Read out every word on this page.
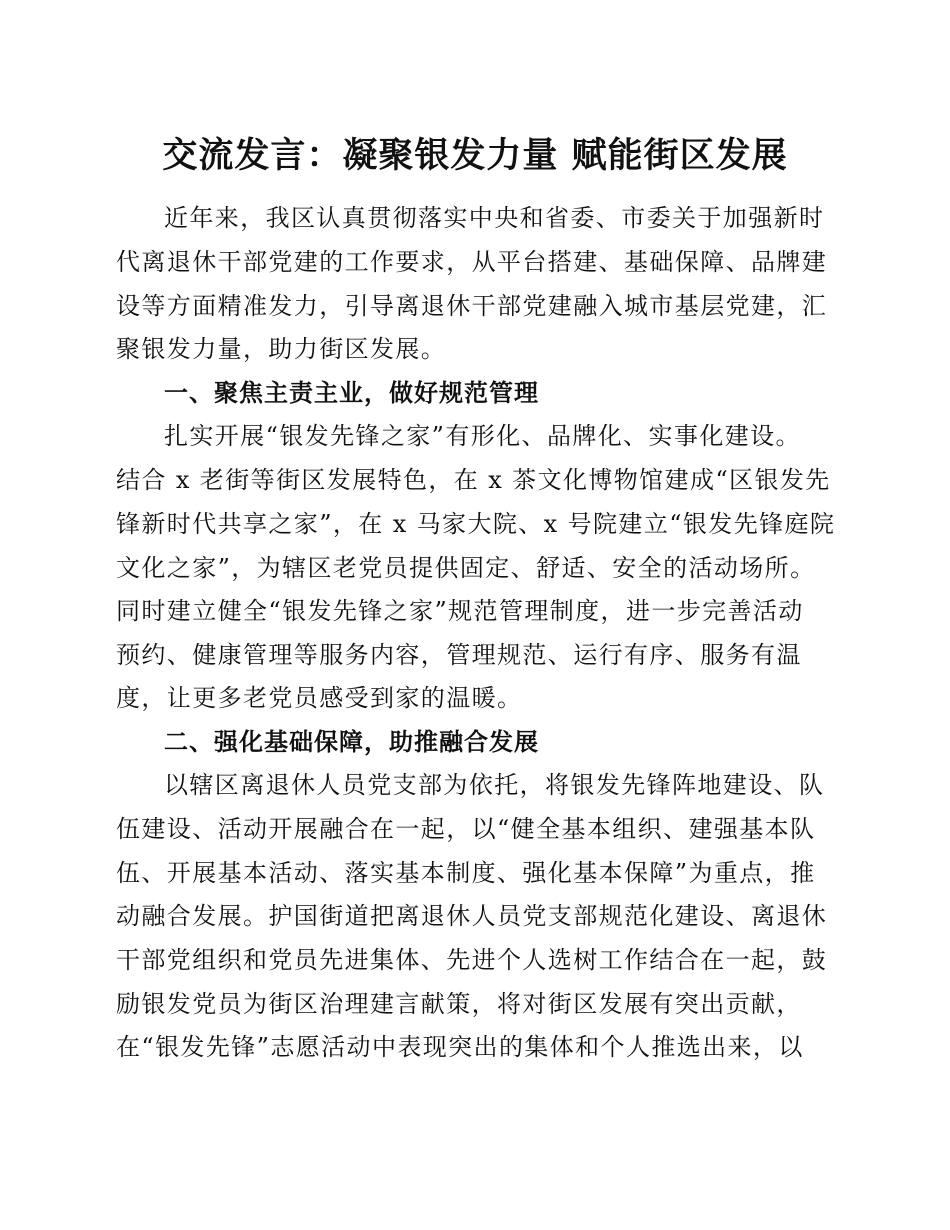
交流发言：凝聚银发力量 赋能街区发展
近年来，我区认真贯彻落实中央和省委、市委关于加强新时
代离退休干部党建的工作要求，从平台搭建、基础保障、品牌建
设等方面精准发力，引导离退休干部党建融入城市基层党建，汇
聚银发力量，助力街区发展。
一、聚焦主责主业，做好规范管理
扎实开展“银发先锋之家”有形化、品牌化、实事化建设。
结合 x 老街等街区发展特色，在 x 茶文化博物馆建成“区银发先
锋新时代共享之家”，在 x 马家大院、x 号院建立“银发先锋庭院
文化之家”，为辖区老党员提供固定、舒适、安全的活动场所。
同时建立健全“银发先锋之家”规范管理制度，进一步完善活动
预约、健康管理等服务内容，管理规范、运行有序、服务有温
度，让更多老党员感受到家的温暖。
二、强化基础保障，助推融合发展
以辖区离退休人员党支部为依托，将银发先锋阵地建设、队
伍建设、活动开展融合在一起，以“健全基本组织、建强基本队
伍、开展基本活动、落实基本制度、强化基本保障”为重点，推
动融合发展。护国街道把离退休人员党支部规范化建设、离退休
干部党组织和党员先进集体、先进个人选树工作结合在一起，鼓
励银发党员为街区治理建言献策，将对街区发展有突出贡献，
在“银发先锋”志愿活动中表现突出的集体和个人推选出来，以
